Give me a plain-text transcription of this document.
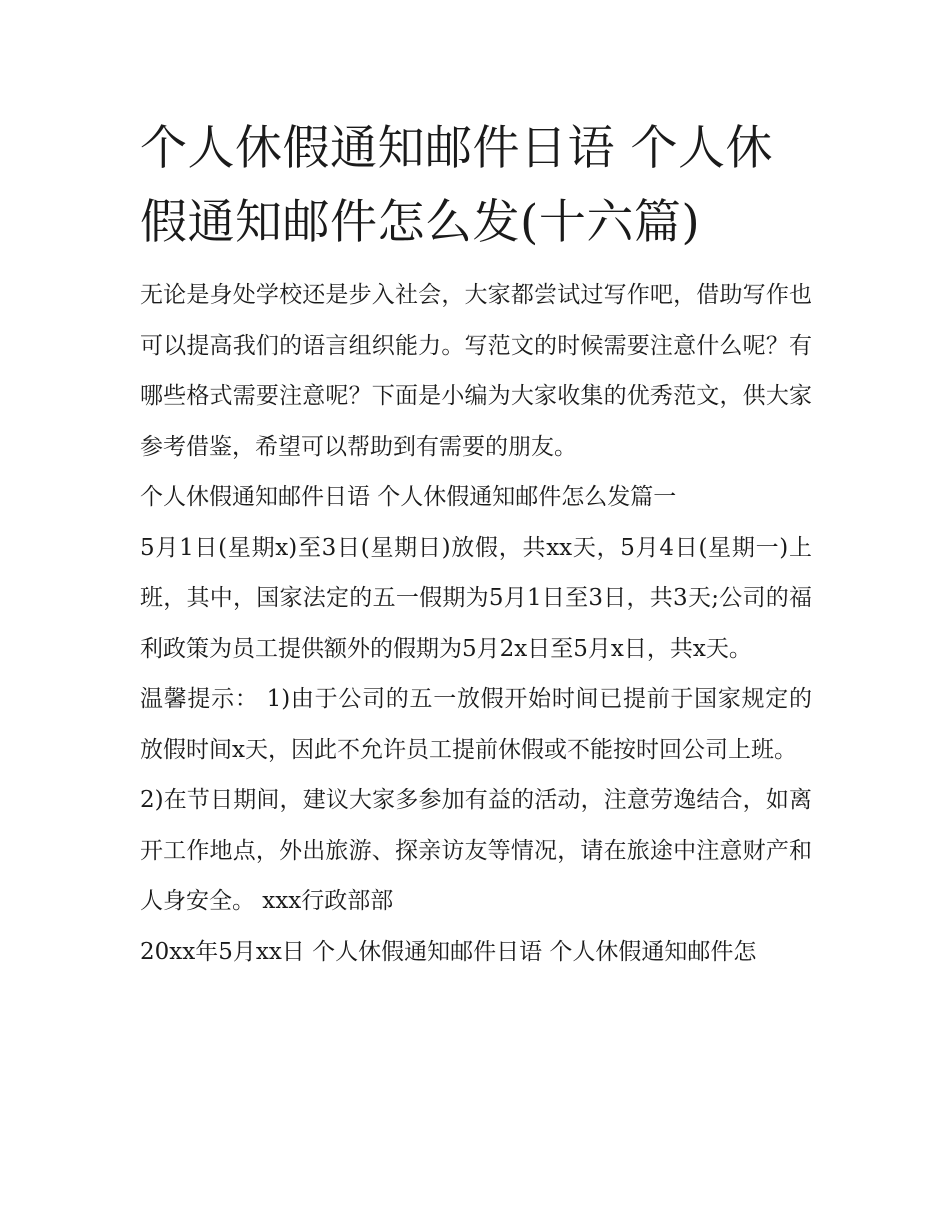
个人休假通知邮件日语 个人休假通知邮件怎么发(十六篇)

无论是身处学校还是步入社会，大家都尝试过写作吧，借助写作也可以提高我们的语言组织能力。写范文的时候需要注意什么呢？有哪些格式需要注意呢？下面是小编为大家收集的优秀范文，供大家参考借鉴，希望可以帮助到有需要的朋友。

个人休假通知邮件日语 个人休假通知邮件怎么发篇一

5月1日(星期x)至3日(星期日)放假，共xx天，5月4日(星期一)上班，其中，国家法定的五一假期为5月1日至3日，共3天;公司的福利政策为员工提供额外的假期为5月2x日至5月x日，共x天。

温馨提示： 1)由于公司的五一放假开始时间已提前于国家规定的放假时间x天，因此不允许员工提前休假或不能按时回公司上班。

2)在节日期间，建议大家多参加有益的活动，注意劳逸结合，如离开工作地点，外出旅游、探亲访友等情况，请在旅途中注意财产和人身安全。 xxx行政部部

20xx年5月xx日 个人休假通知邮件日语 个人休假通知邮件怎
